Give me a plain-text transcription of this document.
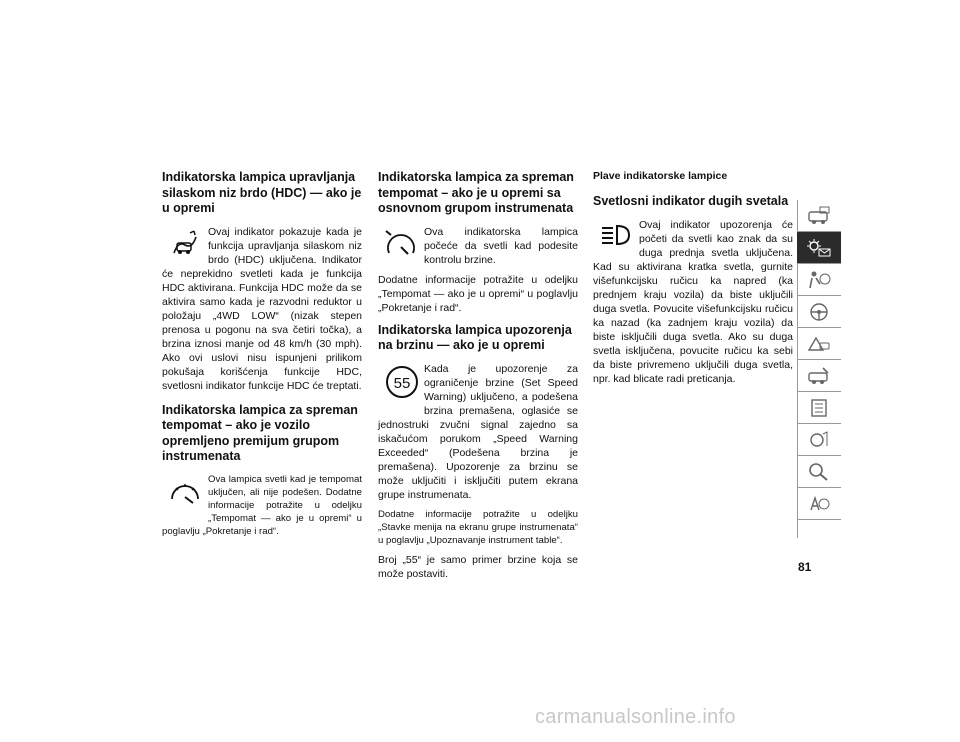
Indikatorska lampica upravljanja silaskom niz brdo (HDC) — ako je u opremi
Ovaj indikator pokazuje kada je funkcija upravljanja silaskom niz brdo (HDC) uključena. Indikator će neprekidno svetleti kada je funkcija HDC aktivirana. Funkcija HDC može da se aktivira samo kada je razvodni reduktor u položaju „4WD LOW“ (nizak stepen prenosa u pogonu na sva četiri točka), a brzina iznosi manje od 48 km/h (30 mph). Ako ovi uslovi nisu ispunjeni prilikom pokušaja korišćenja funkcije HDC, svetlosni indikator funkcije HDC će treptati.
Indikatorska lampica za spreman tempomat – ako je vozilo opremljeno premijum grupom instrumenata
Ova lampica svetli kad je tempomat uključen, ali nije podešen. Dodatne informacije potražite u odeljku „Tempomat — ako je u opremi“ u poglavlju „Pokretanje i rad“.
Indikatorska lampica za spreman tempomat – ako je u opremi sa osnovnom grupom instrumenata
Ova indikatorska lampica počeće da svetli kad podesite kontrolu brzine.
Dodatne informacije potražite u odeljku „Tempomat — ako je u opremi“ u poglavlju „Pokretanje i rad“.
Indikatorska lampica upozorenja na brzinu — ako je u opremi
55
Kada je upozorenje za ograničenje brzine (Set Speed Warning) uključeno, a podešena brzina premašena, oglasiće se jednostruki zvučni signal zajedno sa iskačućom porukom „Speed Warning Exceeded“ (Podešena brzina je premašena). Upozorenje za brzinu se može uključiti i isključiti putem ekrana grupe instrumenata.
Dodatne informacije potražite u odeljku „Stavke menija na ekranu grupe instrumenata“ u poglavlju „Upoznavanje instrument table“.
Broj „55“ je samo primer brzine koja se može postaviti.
Plave indikatorske lampice
Svetlosni indikator dugih svetala
Ovaj indikator upozorenja će početi da svetli kao znak da su duga prednja svetla uključena. Kad su aktivirana kratka svetla, gurnite višefunkcijsku ručicu ka napred (ka prednjem kraju vozila) da biste uključili duga svetla. Povucite višefunkcijsku ručicu ka nazad (ka zadnjem kraju vozila) da biste isključili duga svetla. Ako su duga svetla isključena, povucite ručicu ka sebi da biste privremeno uključili duga svetla, npr. kad blicate radi preticanja.
81
carmanualsonline.info
